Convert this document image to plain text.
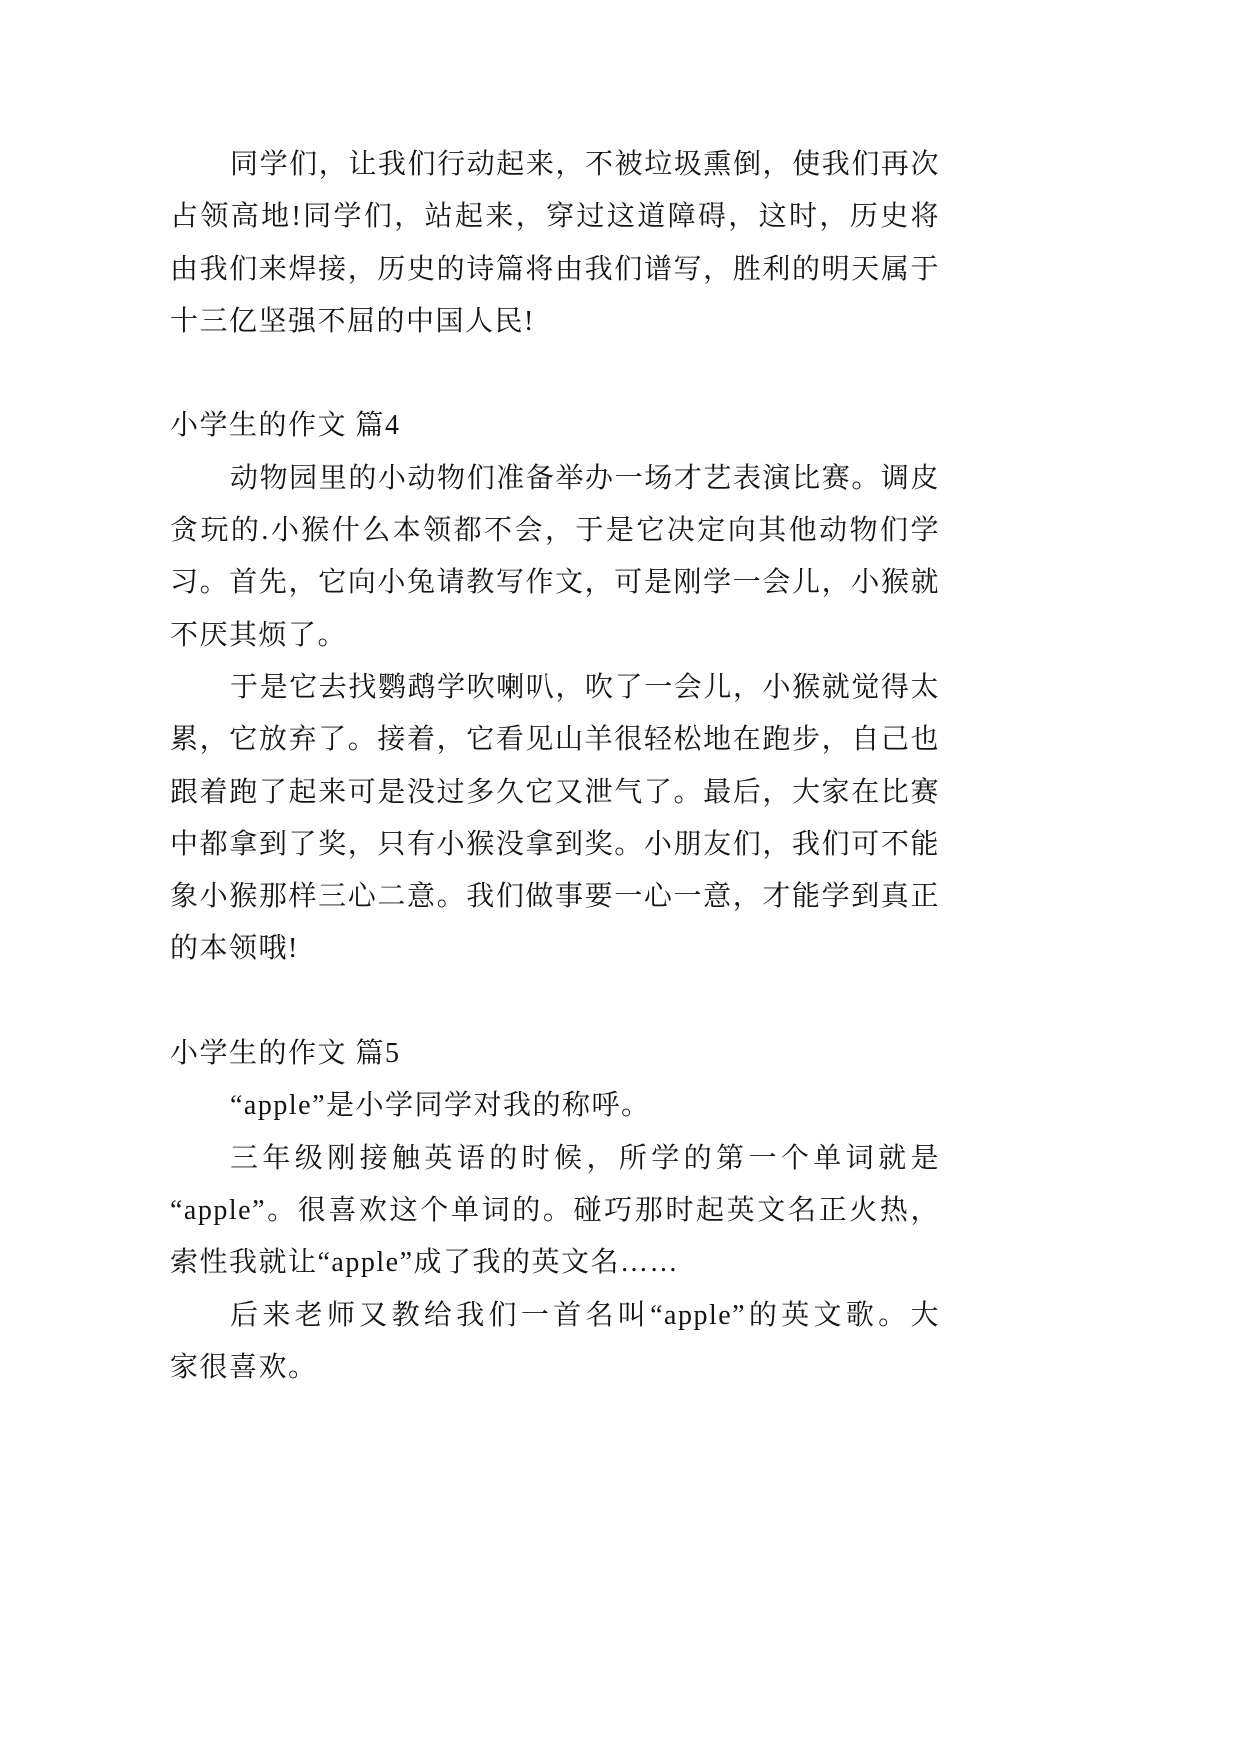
同学们，让我们行动起来，不被垃圾熏倒，使我们再次
占领高地!同学们，站起来，穿过这道障碍，这时，历史将
由我们来焊接，历史的诗篇将由我们谱写，胜利的明天属于
十三亿坚强不屈的中国人民!
小学生的作文 篇4
动物园里的小动物们准备举办一场才艺表演比赛。调皮
贪玩的.小猴什么本领都不会，于是它决定向其他动物们学
习。首先，它向小兔请教写作文，可是刚学一会儿，小猴就
不厌其烦了。
于是它去找鹦鹉学吹喇叭，吹了一会儿，小猴就觉得太
累，它放弃了。接着，它看见山羊很轻松地在跑步，自己也
跟着跑了起来可是没过多久它又泄气了。最后，大家在比赛
中都拿到了奖，只有小猴没拿到奖。小朋友们，我们可不能
象小猴那样三心二意。我们做事要一心一意，才能学到真正
的本领哦!
小学生的作文 篇5
“apple”是小学同学对我的称呼。
三年级刚接触英语的时候，所学的第一个单词就是
“apple”。很喜欢这个单词的。碰巧那时起英文名正火热，
索性我就让“apple”成了我的英文名……
后来老师又教给我们一首名叫“apple”的英文歌。大
家很喜欢。
